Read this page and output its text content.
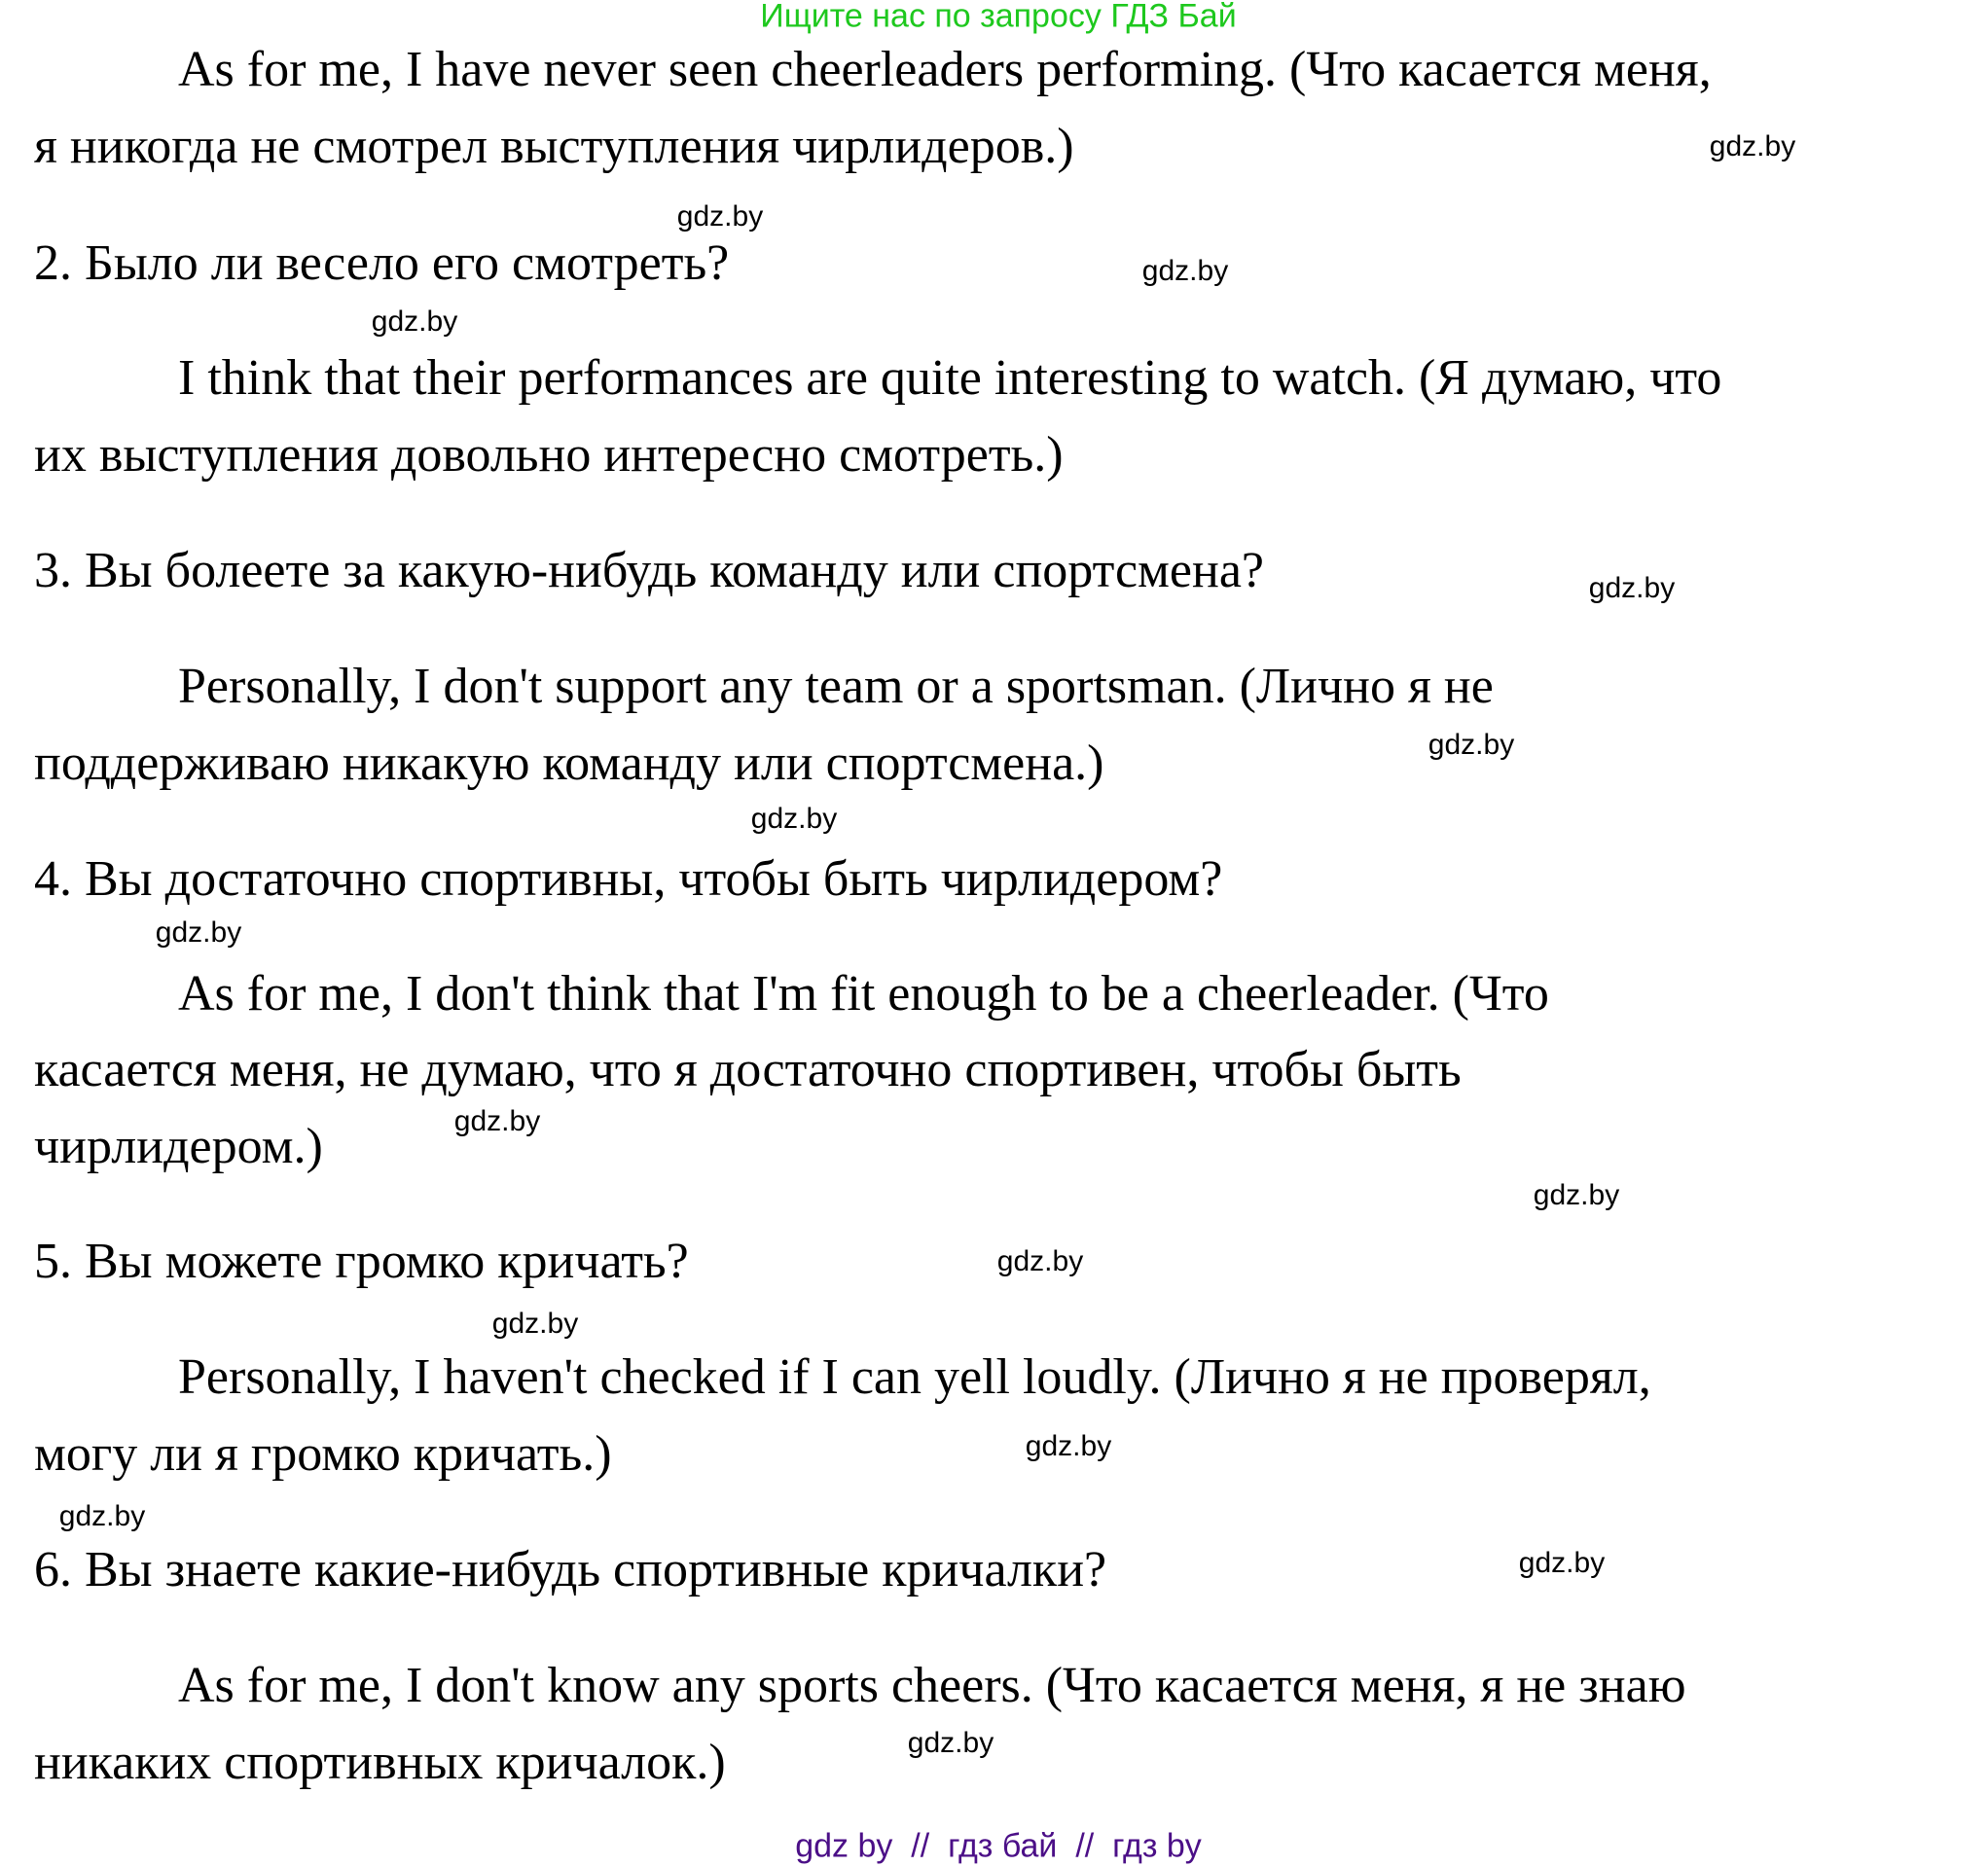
Ищите нас по запросу ГДЗ Бай
As for me, I have never seen cheerleaders performing. (Что касается меня,
я никогда не смотрел выступления чирлидеров.)
2. Было ли весело его смотреть?
I think that their performances are quite interesting to watch. (Я думаю, что
их выступления довольно интересно смотреть.)
3. Вы болеете за какую-нибудь команду или спортсмена?
Personally, I don't support any team or a sportsman. (Лично я не
поддерживаю никакую команду или спортсмена.)
4. Вы достаточно спортивны, чтобы быть чирлидером?
As for me, I don't think that I'm fit enough to be a cheerleader. (Что
касается меня, не думаю, что я достаточно спортивен, чтобы быть
чирлидером.)
5. Вы можете громко кричать?
Personally, I haven't checked if I can yell loudly. (Лично я не проверял,
могу ли я громко кричать.)
6. Вы знаете какие-нибудь спортивные кричалки?
As for me, I don't know any sports cheers. (Что касается меня, я не знаю
никаких спортивных кричалок.)
gdz.by
gdz.by
gdz.by
gdz.by
gdz.by
gdz.by
gdz.by
gdz.by
gdz.by
gdz.by
gdz.by
gdz.by
gdz.by
gdz.by
gdz.by
gdz.by
gdz by  //  гдз бай  //  гдз by
